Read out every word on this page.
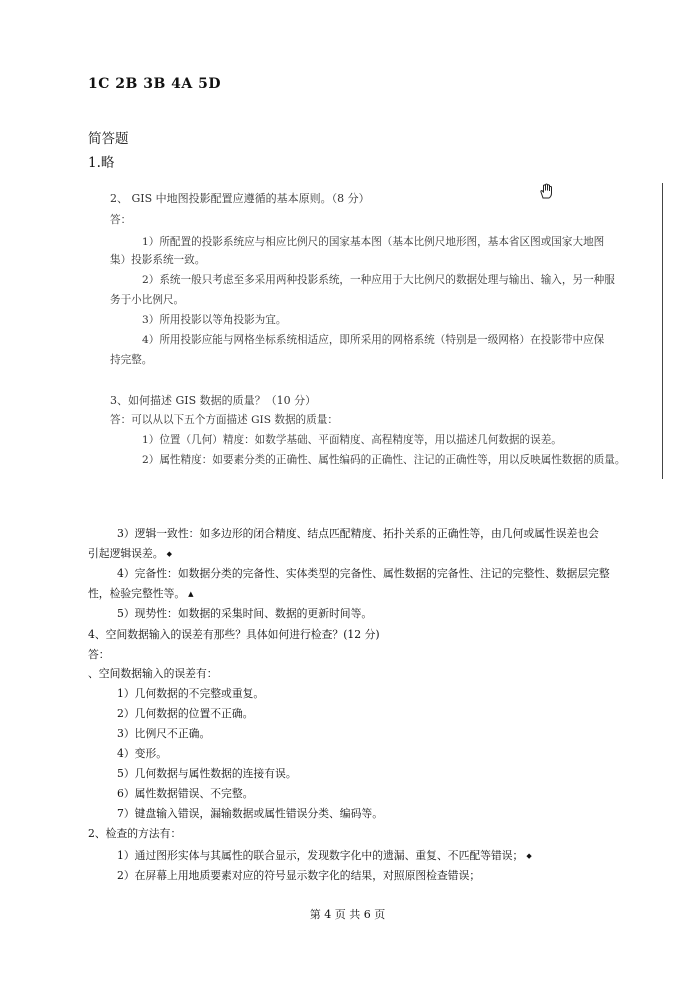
1C 2B 3B 4A 5D
简答题
1.略
2、 GIS 中地图投影配置应遵循的基本原则。（8 分）
答：
1）所配置的投影系统应与相应比例尺的国家基本图（基本比例尺地形图，基本省区图或国家大地图
集）投影系统一致。
2）系统一般只考虑至多采用两种投影系统，一种应用于大比例尺的数据处理与输出、输入，另一种服
务于小比例尺。
3）所用投影以等角投影为宜。
4）所用投影应能与网格坐标系统相适应，即所采用的网格系统（特别是一级网格）在投影带中应保
持完整。
3、如何描述 GIS 数据的质量？（10 分）
答：可以从以下五个方面描述 GIS 数据的质量：
1）位置（几何）精度：如数学基础、平面精度、高程精度等，用以描述几何数据的误差。
2）属性精度：如要素分类的正确性、属性编码的正确性、注记的正确性等，用以反映属性数据的质量。
3）逻辑一致性：如多边形的闭合精度、结点匹配精度、拓扑关系的正确性等，由几何或属性误差也会
引起逻辑误差。 ◆
4）完备性：如数据分类的完备性、实体类型的完备性、属性数据的完备性、注记的完整性、数据层完整
性，检验完整性等。 ▲
5）现势性：如数据的采集时间、数据的更新时间等。
4、空间数据输入的误差有那些？具体如何进行检查？(12 分)
答：
、空间数据输入的误差有：
1）几何数据的不完整或重复。
2）几何数据的位置不正确。
3）比例尺不正确。
4）变形。
5）几何数据与属性数据的连接有误。
6）属性数据错误、不完整。
7）键盘输入错误，漏输数据或属性错误分类、编码等。
2、检查的方法有：
1）通过图形实体与其属性的联合显示，发现数字化中的遗漏、重复、不匹配等错误； ◆
2）在屏幕上用地质要素对应的符号显示数字化的结果，对照原图检查错误；
第 4 页 共 6 页
